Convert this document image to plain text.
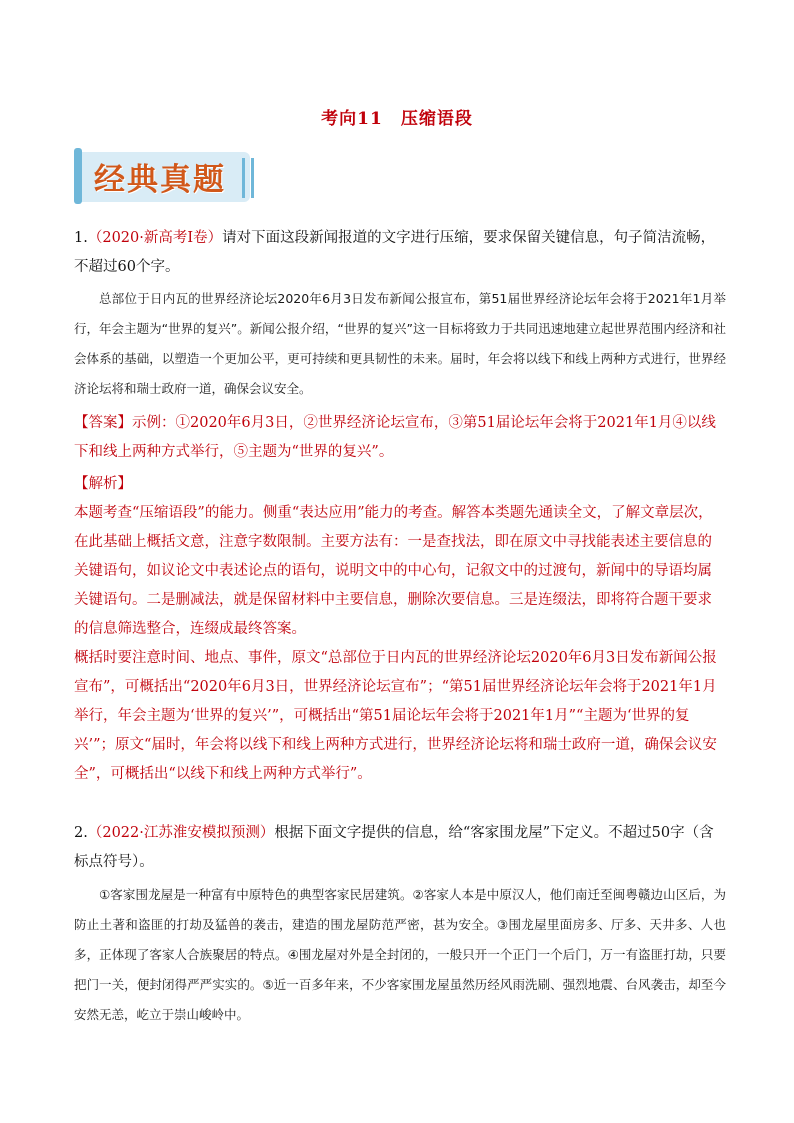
考向11　压缩语段
经典真题

1.（2020·新高考Ⅰ卷）请对下面这段新闻报道的文字进行压缩，要求保留关键信息，句子简洁流畅，不超过60个字。

总部位于日内瓦的世界经济论坛2020年6月3日发布新闻公报宣布，第51届世界经济论坛年会将于2021年1月举行，年会主题为“世界的复兴”。新闻公报介绍，“世界的复兴”这一目标将致力于共同迅速地建立起世界范围内经济和社会体系的基础，以塑造一个更加公平，更可持续和更具韧性的未来。届时，年会将以线下和线上两种方式进行，世界经济论坛将和瑞士政府一道，确保会议安全。

【答案】示例：①2020年6月3日，②世界经济论坛宣布，③第51届论坛年会将于2021年1月④以线下和线上两种方式举行，⑤主题为“世界的复兴”。

【解析】

本题考查“压缩语段”的能力。侧重“表达应用”能力的考查。解答本类题先通读全文，了解文章层次，在此基础上概括文意，注意字数限制。主要方法有：一是查找法，即在原文中寻找能表述主要信息的关键语句，如议论文中表述论点的语句，说明文中的中心句，记叙文中的过渡句，新闻中的导语均属关键语句。二是删减法，就是保留材料中主要信息，删除次要信息。三是连缀法，即将符合题干要求的信息筛选整合，连缀成最终答案。

概括时要注意时间、地点、事件，原文“总部位于日内瓦的世界经济论坛2020年6月3日发布新闻公报宣布”，可概括出“2020年6月3日，世界经济论坛宣布”；“第51届世界经济论坛年会将于2021年1月举行，年会主题为‘世界的复兴’”，可概括出“第51届论坛年会将于2021年1月”“主题为‘世界的复兴’”；原文“届时，年会将以线下和线上两种方式进行，世界经济论坛将和瑞士政府一道，确保会议安全”，可概括出“以线下和线上两种方式举行”。

2.（2022·江苏淮安模拟预测）根据下面文字提供的信息，给“客家围龙屋”下定义。不超过50字（含标点符号）。

①客家围龙屋是一种富有中原特色的典型客家民居建筑。②客家人本是中原汉人，他们南迁至闽粤赣边山区后，为防止土著和盗匪的打劫及猛兽的袭击，建造的围龙屋防范严密，甚为安全。③围龙屋里面房多、厅多、天井多、人也多，正体现了客家人合族聚居的特点。④围龙屋对外是全封闭的，一般只开一个正门一个后门，万一有盗匪打劫，只要把门一关，便封闭得严严实实的。⑤近一百多年来，不少客家围龙屋虽然历经风雨洗刷、强烈地震、台风袭击，却至今安然无恙，屹立于崇山峻岭中。
